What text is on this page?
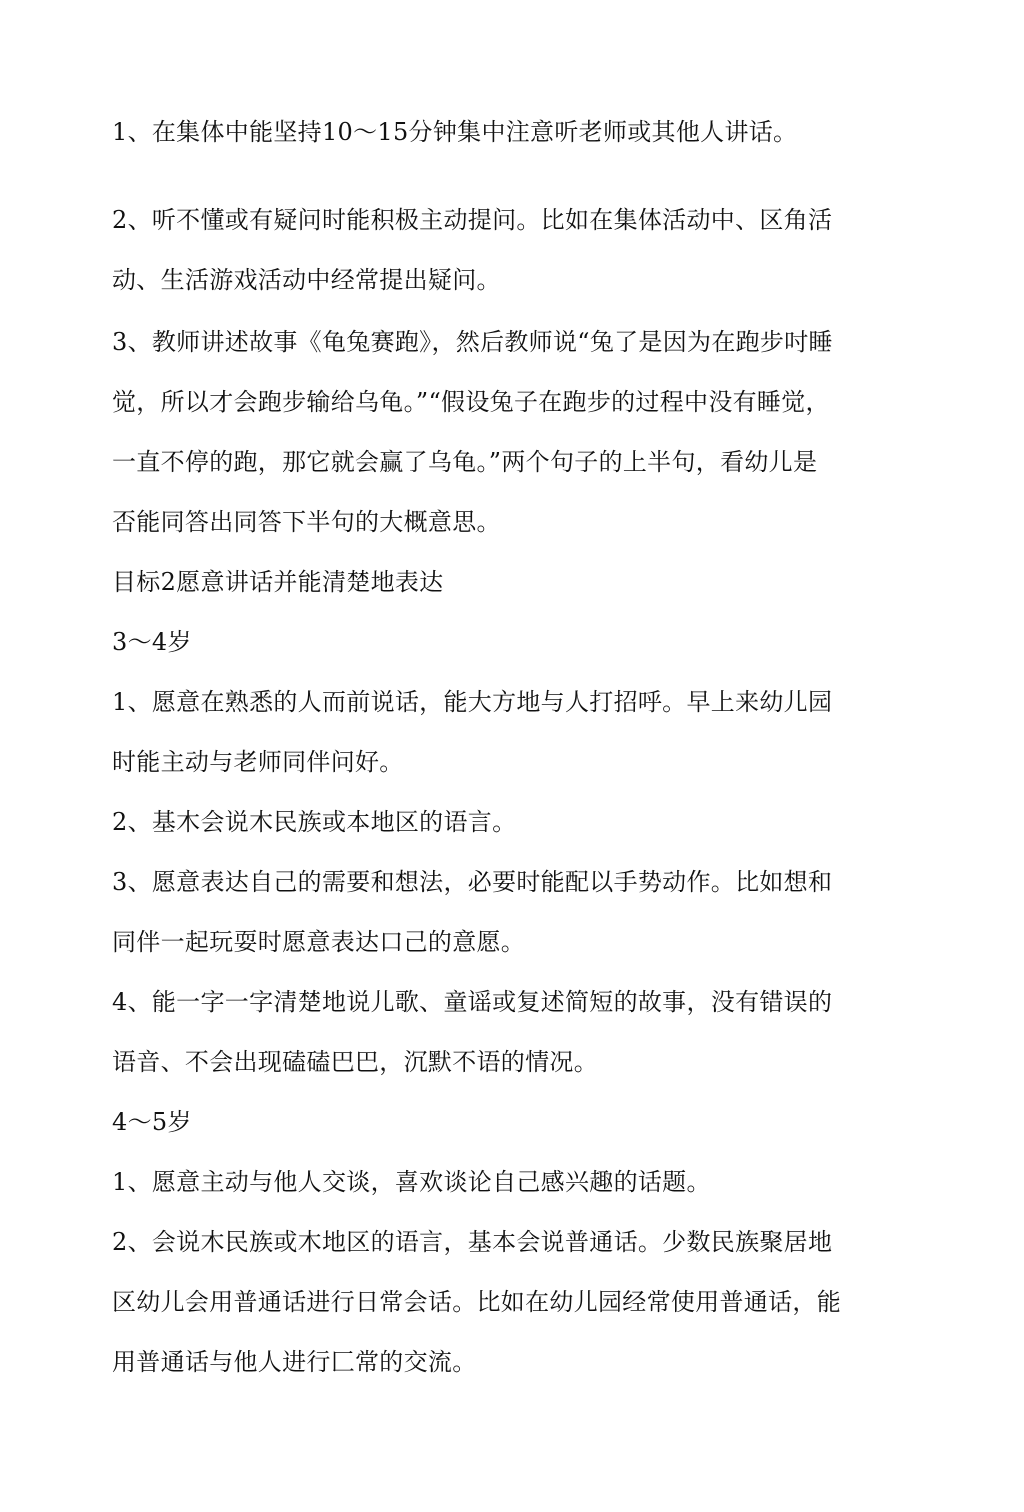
1、在集体中能坚持10～15分钟集中注意听老师或其他人讲话。
2、听不懂或有疑问时能积极主动提问。比如在集体活动中、区角活
动、生活游戏活动中经常提出疑问。
3、教师讲述故事《龟兔赛跑》，然后教师说“兔了是因为在跑步吋睡
觉，所以才会跑步输给乌龟。”“假设兔子在跑步的过程中没有睡觉，
一直不停的跑，那它就会赢了乌龟。”两个句子的上半句，看幼儿是
否能同答出同答下半句的大概意思。
目标2愿意讲话并能清楚地表达
3～4岁
1、愿意在熟悉的人而前说话，能大方地与人打招呼。早上来幼儿园
时能主动与老师同伴问好。
2、基木会说木民族或本地区的语言。
3、愿意表达自己的需要和想法，必要时能配以手势动作。比如想和
同伴一起玩耍时愿意表达口己的意愿。
4、能一字一字清楚地说儿歌、童谣或复述简短的故事，没有错误的
语音、不会出现磕磕巴巴，沉默不语的情况。
4～5岁
1、愿意主动与他人交谈，喜欢谈论自己感兴趣的话题。
2、会说木民族或木地区的语言，基本会说普通话。少数民族聚居地
区幼儿会用普通话进行日常会话。比如在幼儿园经常使用普通话，能
用普通话与他人进行匚常的交流。
